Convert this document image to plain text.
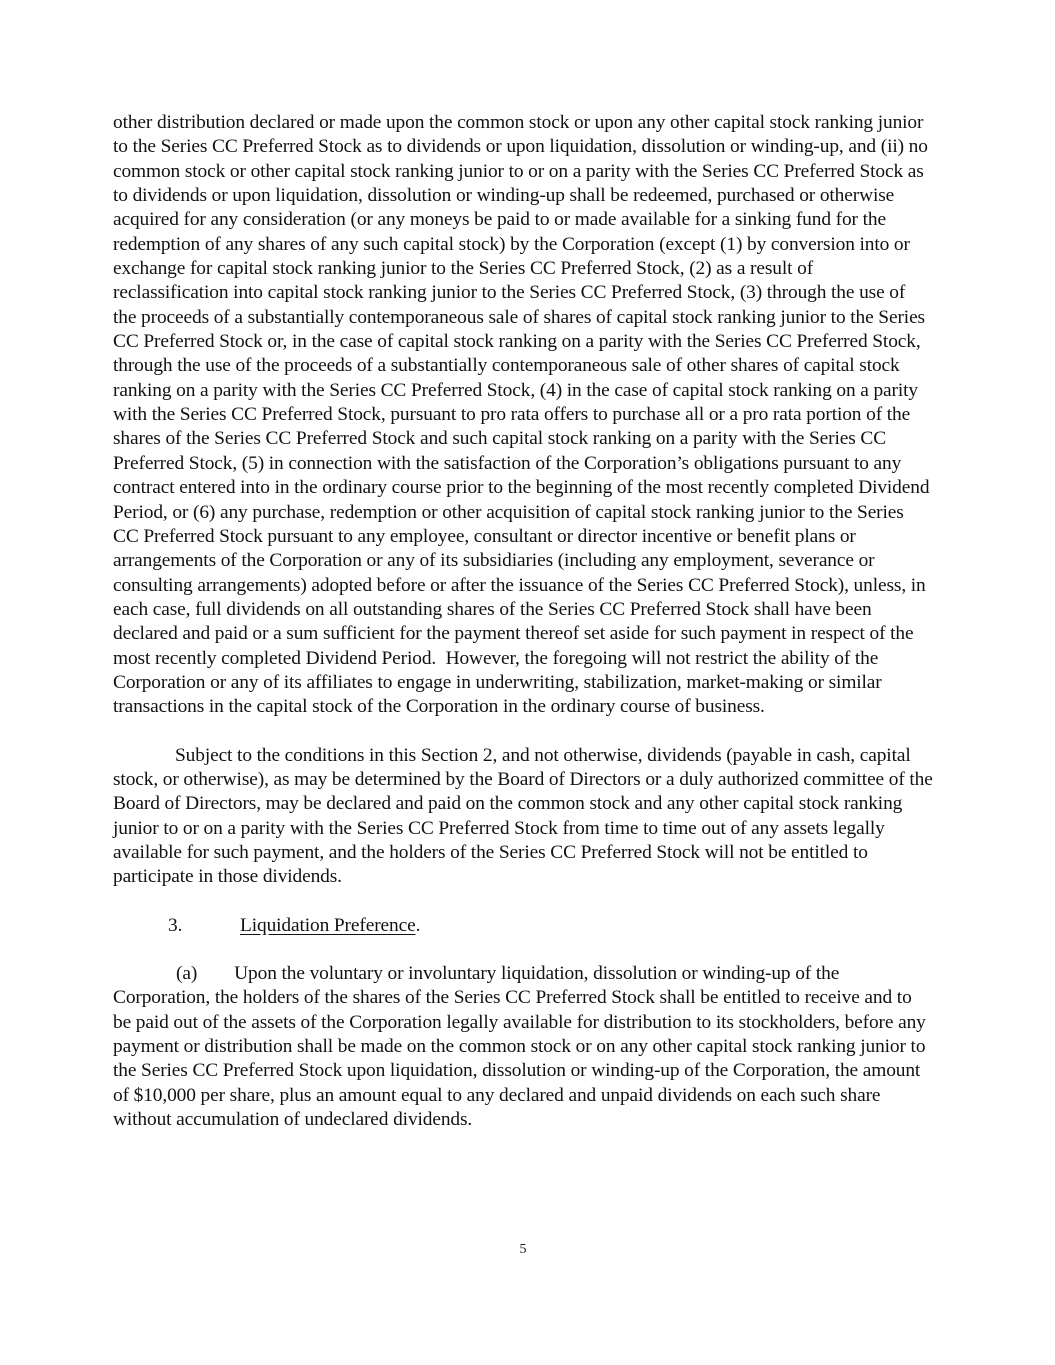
other distribution declared or made upon the common stock or upon any other capital stock ranking junior to the Series CC Preferred Stock as to dividends or upon liquidation, dissolution or winding-up, and (ii) no common stock or other capital stock ranking junior to or on a parity with the Series CC Preferred Stock as to dividends or upon liquidation, dissolution or winding-up shall be redeemed, purchased or otherwise acquired for any consideration (or any moneys be paid to or made available for a sinking fund for the redemption of any shares of any such capital stock) by the Corporation (except (1) by conversion into or exchange for capital stock ranking junior to the Series CC Preferred Stock, (2) as a result of reclassification into capital stock ranking junior to the Series CC Preferred Stock, (3) through the use of the proceeds of a substantially contemporaneous sale of shares of capital stock ranking junior to the Series CC Preferred Stock or, in the case of capital stock ranking on a parity with the Series CC Preferred Stock, through the use of the proceeds of a substantially contemporaneous sale of other shares of capital stock ranking on a parity with the Series CC Preferred Stock, (4) in the case of capital stock ranking on a parity with the Series CC Preferred Stock, pursuant to pro rata offers to purchase all or a pro rata portion of the shares of the Series CC Preferred Stock and such capital stock ranking on a parity with the Series CC Preferred Stock, (5) in connection with the satisfaction of the Corporation’s obligations pursuant to any contract entered into in the ordinary course prior to the beginning of the most recently completed Dividend Period, or (6) any purchase, redemption or other acquisition of capital stock ranking junior to the Series CC Preferred Stock pursuant to any employee, consultant or director incentive or benefit plans or arrangements of the Corporation or any of its subsidiaries (including any employment, severance or consulting arrangements) adopted before or after the issuance of the Series CC Preferred Stock), unless, in each case, full dividends on all outstanding shares of the Series CC Preferred Stock shall have been declared and paid or a sum sufficient for the payment thereof set aside for such payment in respect of the most recently completed Dividend Period.  However, the foregoing will not restrict the ability of the Corporation or any of its affiliates to engage in underwriting, stabilization, market-making or similar transactions in the capital stock of the Corporation in the ordinary course of business.

Subject to the conditions in this Section 2, and not otherwise, dividends (payable in cash, capital stock, or otherwise), as may be determined by the Board of Directors or a duly authorized committee of the Board of Directors, may be declared and paid on the common stock and any other capital stock ranking junior to or on a parity with the Series CC Preferred Stock from time to time out of any assets legally available for such payment, and the holders of the Series CC Preferred Stock will not be entitled to participate in those dividends.

3.	Liquidation Preference.

(a) Upon the voluntary or involuntary liquidation, dissolution or winding-up of the Corporation, the holders of the shares of the Series CC Preferred Stock shall be entitled to receive and to be paid out of the assets of the Corporation legally available for distribution to its stockholders, before any payment or distribution shall be made on the common stock or on any other capital stock ranking junior to the Series CC Preferred Stock upon liquidation, dissolution or winding-up of the Corporation, the amount of $10,000 per share, plus an amount equal to any declared and unpaid dividends on each such share without accumulation of undeclared dividends.

5
